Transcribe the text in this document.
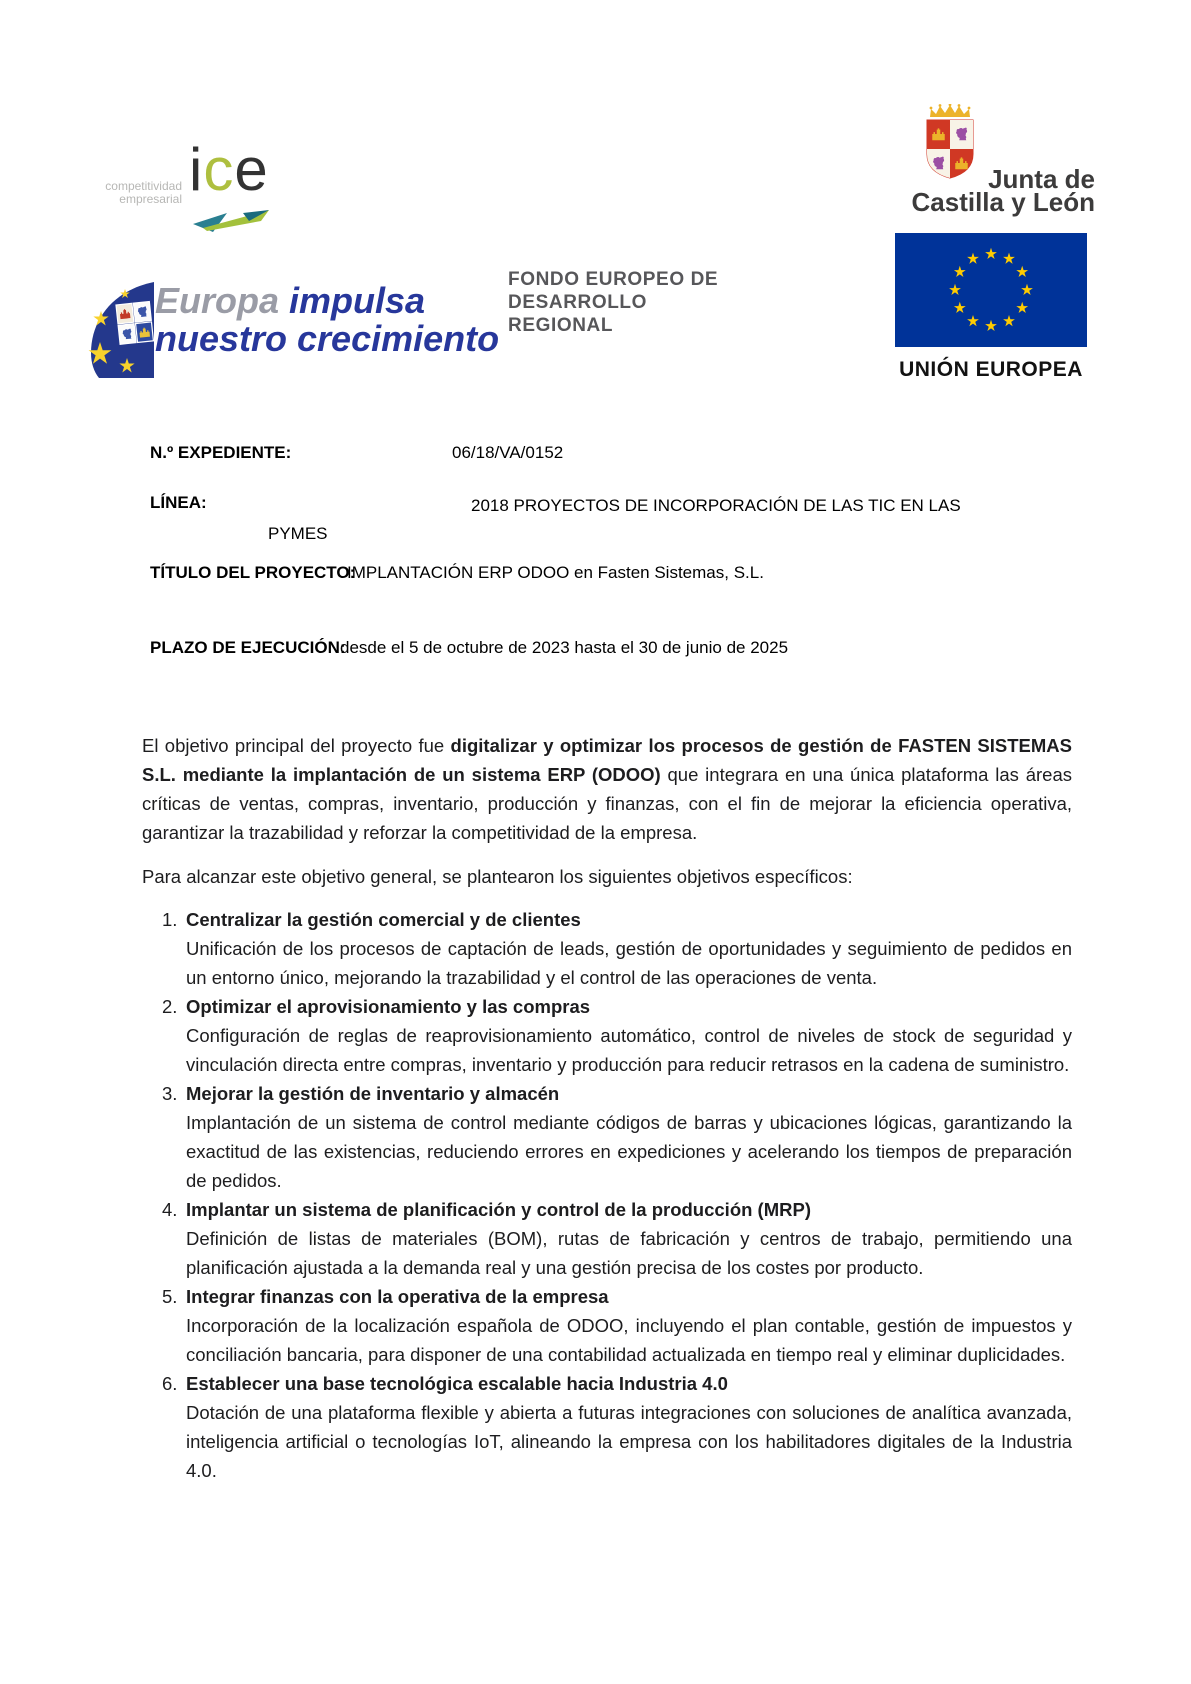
competitividad
empresarial ice	Junta de
Castilla y León
UNIÓN EUROPEA
Europa impulsa
nuestro crecimiento
FONDO EUROPEO DE
DESARROLLO
REGIONAL
N.º EXPEDIENTE:	06/18/VA/0152
LÍNEA:	2018 PROYECTOS DE INCORPORACIÓN DE LAS TIC EN LAS PYMES
TÍTULO DEL PROYECTO:
IMPLANTACIÓN ERP ODOO en Fasten Sistemas, S.L.
PLAZO DE EJECUCIÓN:
desde el 5 de octubre de 2023 hasta el 30 de junio de 2025

El objetivo principal del proyecto fue digitalizar y optimizar los procesos de gestión de FASTEN SISTEMAS S.L. mediante la implantación de un sistema ERP (ODOO) que integrara en una única plataforma las áreas críticas de ventas, compras, inventario, producción y finanzas, con el fin de mejorar la eficiencia operativa, garantizar la trazabilidad y reforzar la competitividad de la empresa.

Para alcanzar este objetivo general, se plantearon los siguientes objetivos específicos:

1. Centralizar la gestión comercial y de clientes

Unificación de los procesos de captación de leads, gestión de oportunidades y seguimiento de pedidos en un entorno único, mejorando la trazabilidad y el control de las operaciones de venta.

2. Optimizar el aprovisionamiento y las compras

Configuración de reglas de reaprovisionamiento automático, control de niveles de stock de seguridad y vinculación directa entre compras, inventario y producción para reducir retrasos en la cadena de suministro.

3. Mejorar la gestión de inventario y almacén

Implantación de un sistema de control mediante códigos de barras y ubicaciones lógicas, garantizando la exactitud de las existencias, reduciendo errores en expediciones y acelerando los tiempos de preparación de pedidos.

4. Implantar un sistema de planificación y control de la producción (MRP)

Definición de listas de materiales (BOM), rutas de fabricación y centros de trabajo, permitiendo una planificación ajustada a la demanda real y una gestión precisa de los costes por producto.

5. Integrar finanzas con la operativa de la empresa

Incorporación de la localización española de ODOO, incluyendo el plan contable, gestión de impuestos y conciliación bancaria, para disponer de una contabilidad actualizada en tiempo real y eliminar duplicidades.

6. Establecer una base tecnológica escalable hacia Industria 4.0

Dotación de una plataforma flexible y abierta a futuras integraciones con soluciones de analítica avanzada, inteligencia artificial o tecnologías IoT, alineando la empresa con los habilitadores digitales de la Industria 4.0.
